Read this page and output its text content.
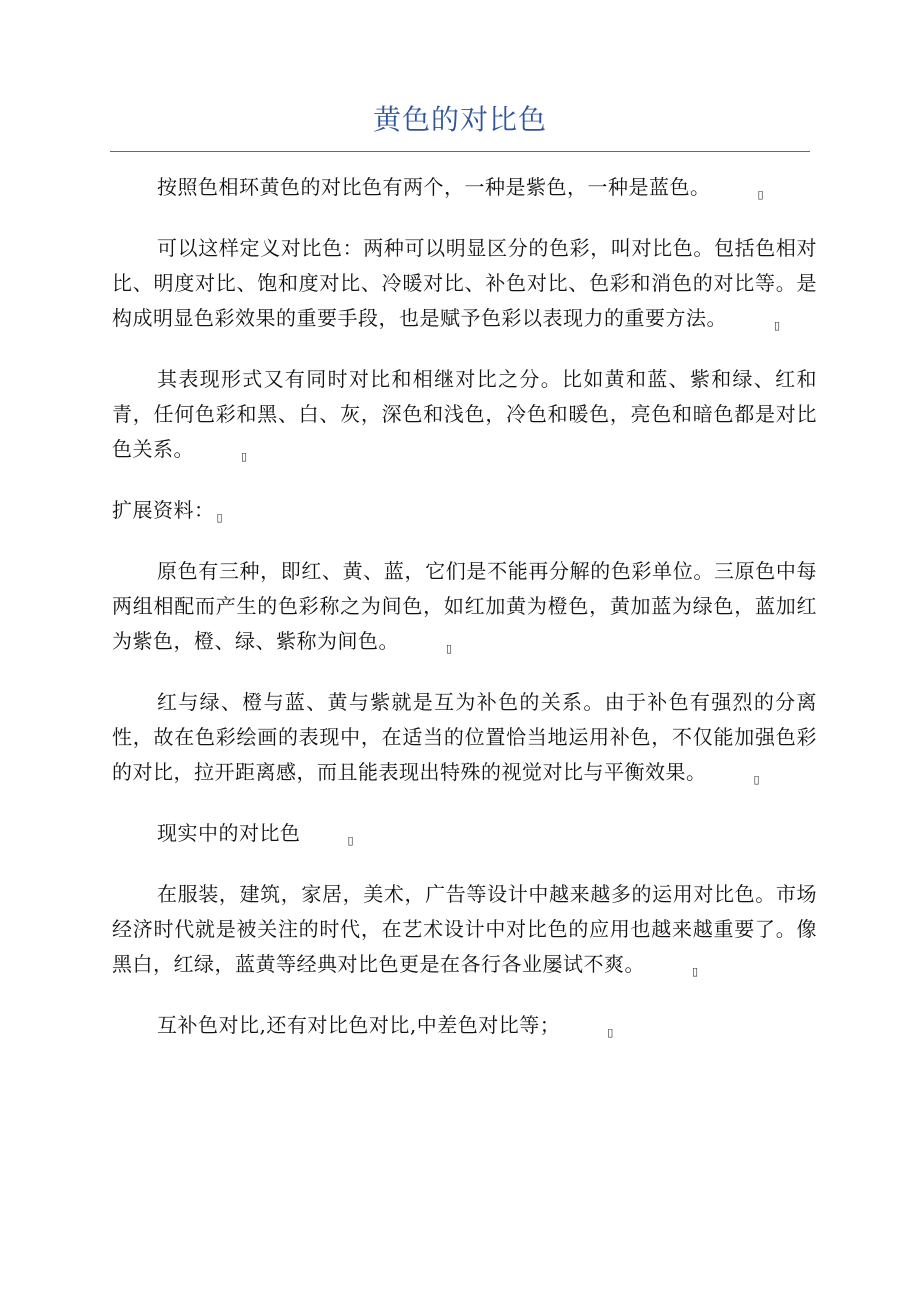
黄色的对比色

按照色相环黄色的对比色有两个，一种是紫色，一种是蓝色。	▯

可以这样定义对比色：两种可以明显区分的色彩，叫对比色。包括色相对比、明度对比、饱和度对比、冷暖对比、补色对比、色彩和消色的对比等。是构成明显色彩效果的重要手段，也是赋予色彩以表现力的重要方法。	▯

其表现形式又有同时对比和相继对比之分。比如黄和蓝、紫和绿、红和青，任何色彩和黑、白、灰，深色和浅色，冷色和暖色，亮色和暗色都是对比色关系。	▯

扩展资料： ▯

原色有三种，即红、黄、蓝，它们是不能再分解的色彩单位。三原色中每两组相配而产生的色彩称之为间色，如红加黄为橙色，黄加蓝为绿色，蓝加红为紫色，橙、绿、紫称为间色。	▯

红与绿、橙与蓝、黄与紫就是互为补色的关系。由于补色有强烈的分离性，故在色彩绘画的表现中，在适当的位置恰当地运用补色，不仅能加强色彩的对比，拉开距离感，而且能表现出特殊的视觉对比与平衡效果。	▯

现实中的对比色	▯

在服装，建筑，家居，美术，广告等设计中越来越多的运用对比色。市场经济时代就是被关注的时代，在艺术设计中对比色的应用也越来越重要了。像黑白，红绿，蓝黄等经典对比色更是在各行各业屡试不爽。	▯

互补色对比,还有对比色对比,中差色对比等；	▯
